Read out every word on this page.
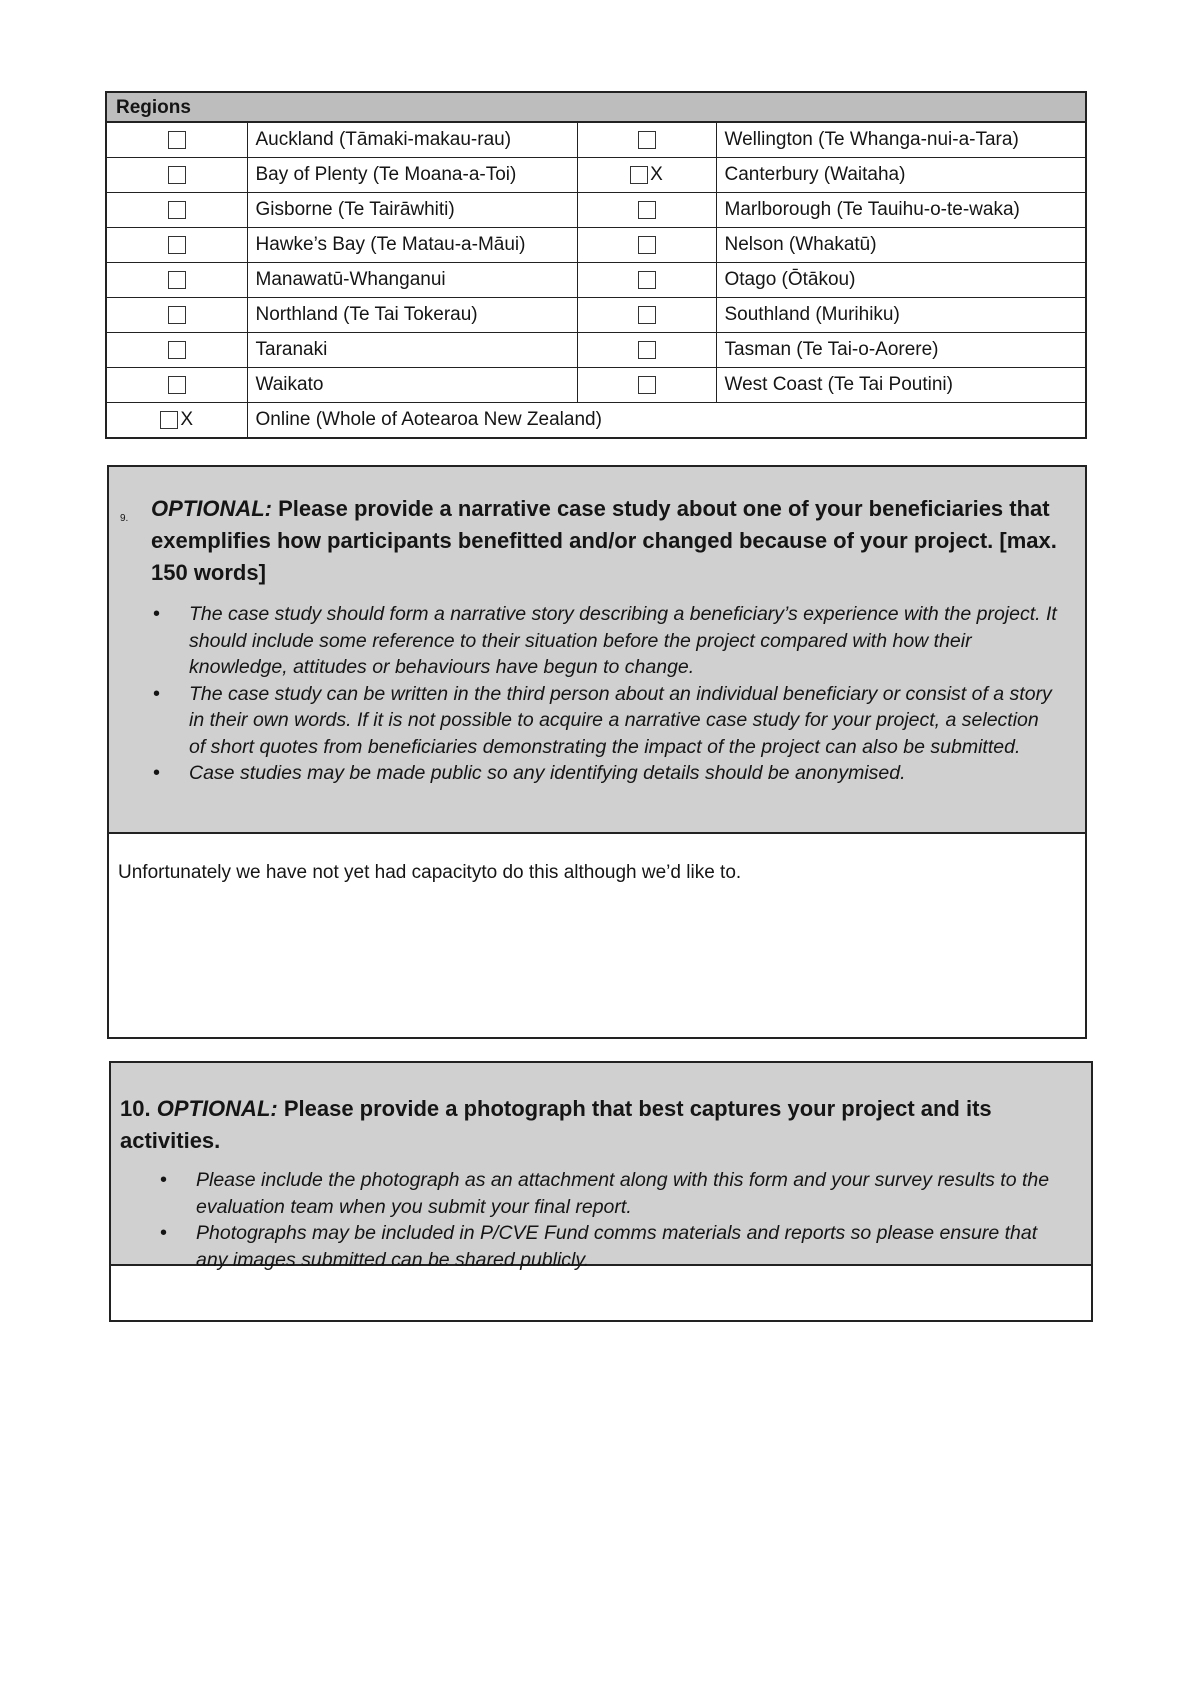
Regions
	Auckland (Tāmaki-makau-rau)		Wellington (Te Whanga-nui-a-Tara)
	Bay of Plenty (Te Moana-a-Toi)	X	Canterbury (Waitaha)
	Gisborne (Te Tairāwhiti)		Marlborough (Te Tauihu-o-te-waka)
	Hawke’s Bay (Te Matau-a-Māui)		Nelson (Whakatū)
	Manawatū-Whanganui		Otago (Ōtākou)
	Northland (Te Tai Tokerau)		Southland (Murihiku)
	Taranaki		Tasman (Te Tai-o-Aorere)
	Waikato		West Coast (Te Tai Poutini)
X	Online (Whole of Aotearoa New Zealand)		
9. OPTIONAL: Please provide a narrative case study about one of your beneficiaries that exemplifies how participants benefitted and/or changed because of your project. [max. 150 words]

• The case study should form a narrative story describing a beneficiary’s experience with the project. It should include some reference to their situation before the project compared with how their knowledge, attitudes or behaviours have begun to change.
• The case study can be written in the third person about an individual beneficiary or consist of a story in their own words. If it is not possible to acquire a narrative case study for your project, a selection of short quotes from beneficiaries demonstrating the impact of the project can also be submitted.
• Case studies may be made public so any identifying details should be anonymised.
Unfortunately we have not yet had capacityto do this although we’d like to.

10. OPTIONAL: Please provide a photograph that best captures your project and its activities.

• Please include the photograph as an attachment along with this form and your survey results to the evaluation team when you submit your final report.
• Photographs may be included in P/CVE Fund comms materials and reports so please ensure that any images submitted can be shared publicly.
